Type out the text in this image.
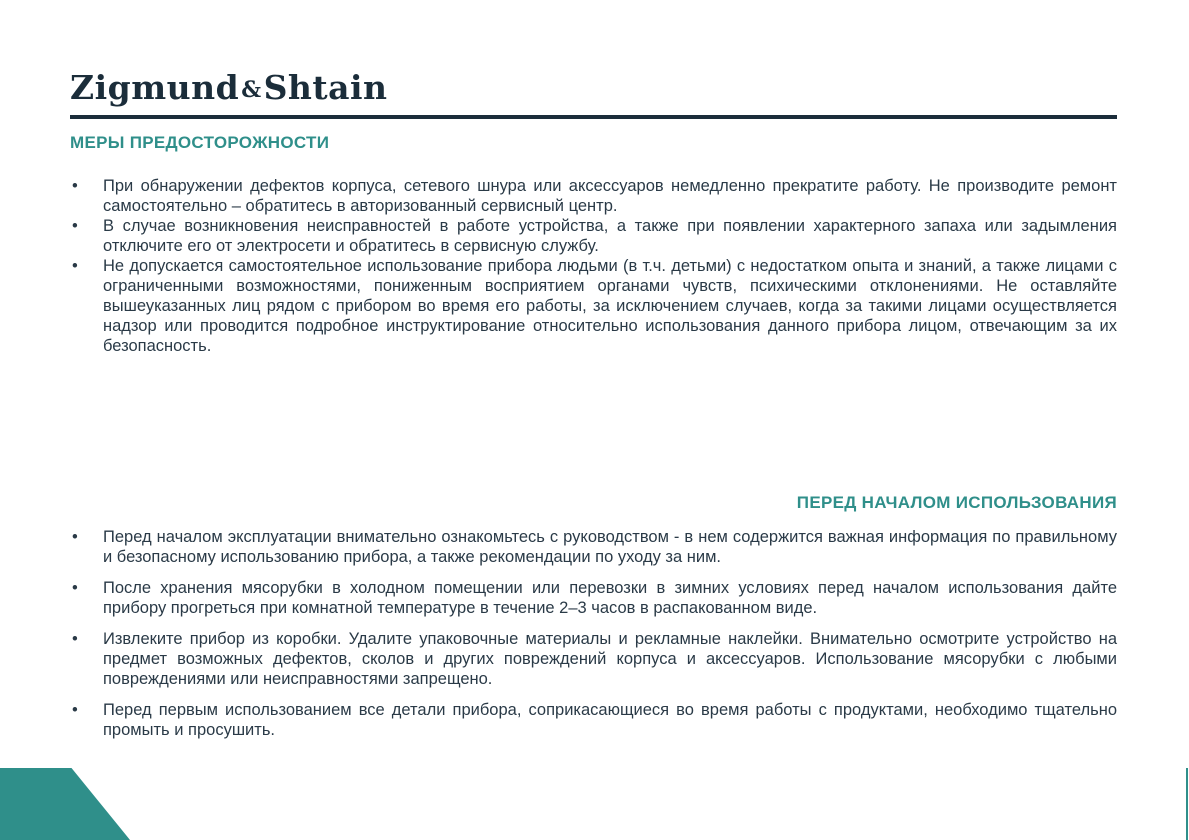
Zigmund&Shtain
МЕРЫ ПРЕДОСТОРОЖНОСТИ
• При обнаружении дефектов корпуса, сетевого шнура или аксессуаров немедленно прекратите работу. Не производите ремонт самостоятельно – обратитесь в авторизованный сервисный центр.
• В случае возникновения неисправностей в работе устройства, а также при появлении характерного запаха или задымления отключите его от электросети и обратитесь в сервисную службу.
• Не допускается самостоятельное использование прибора людьми (в т.ч. детьми) с недостатком опыта и знаний, а также лицами с ограниченными возможностями, пониженным восприятием органами чувств, психическими отклонениями. Не оставляйте вышеуказанных лиц рядом с прибором во время его работы, за исключением случаев, когда за такими лицами осуществляется надзор или проводится подробное инструктирование относительно использования данного прибора лицом, отвечающим за их безопасность.
ПЕРЕД НАЧАЛОМ ИСПОЛЬЗОВАНИЯ
• Перед началом эксплуатации внимательно ознакомьтесь с руководством - в нем содержится важная информация по правильному и безопасному использованию прибора, а также рекомендации по уходу за ним.
• После хранения мясорубки в холодном помещении или перевозки в зимних условиях перед началом использования дайте прибору прогреться при комнатной температуре в течение 2–3 часов в распакованном виде.
• Извлеките прибор из коробки. Удалите упаковочные материалы и рекламные наклейки. Внимательно осмотрите устройство на предмет возможных дефектов, сколов и других повреждений корпуса и аксессуаров. Использование мясорубки с любыми повреждениями или неисправностями запрещено.
• Перед первым использованием все детали прибора, соприкасающиеся во время работы с продуктами, необходимо тщательно промыть и просушить.
